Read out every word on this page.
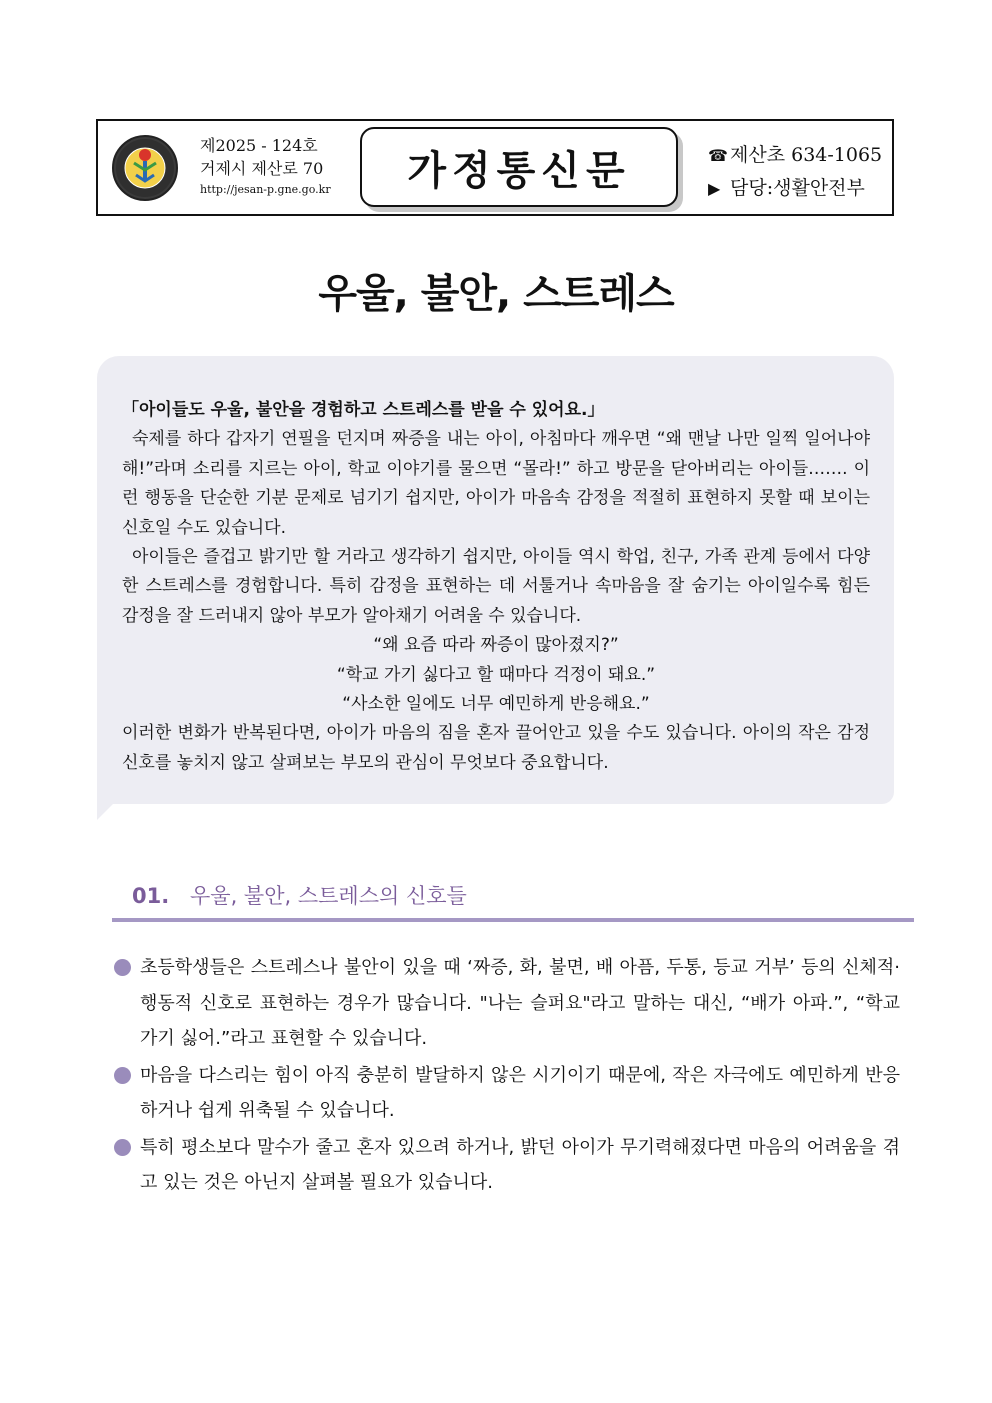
제2025 - 124호
거제시 제산로 70
http://jesan-p.gne.go.kr 가정통신문	☎ 제산초 634-1065
▶ 담당:생활안전부
우울, 불안, 스트레스

「아이들도 우울, 불안을 경험하고 스트레스를 받을 수 있어요.」

숙제를 하다 갑자기 연필을 던지며 짜증을 내는 아이, 아침마다 깨우면 “왜 맨날 나만 일찍 일어나야 해!”라며 소리를 지르는 아이, 학교 이야기를 물으면 “몰라!” 하고 방문을 닫아버리는 아이들……. 이런 행동을 단순한 기분 문제로 넘기기 쉽지만, 아이가 마음속 감정을 적절히 표현하지 못할 때 보이는 신호일 수도 있습니다.

아이들은 즐겁고 밝기만 할 거라고 생각하기 쉽지만, 아이들 역시 학업, 친구, 가족 관계 등에서 다양한 스트레스를 경험합니다. 특히 감정을 표현하는 데 서툴거나 속마음을 잘 숨기는 아이일수록 힘든 감정을 잘 드러내지 않아 부모가 알아채기 어려울 수 있습니다.

“왜 요즘 따라 짜증이 많아졌지?”

“학교 가기 싫다고 할 때마다 걱정이 돼요.”

“사소한 일에도 너무 예민하게 반응해요.”

이러한 변화가 반복된다면, 아이가 마음의 짐을 혼자 끌어안고 있을 수도 있습니다. 아이의 작은 감정 신호를 놓치지 않고 살펴보는 부모의 관심이 무엇보다 중요합니다.

01. 우울, 불안, 스트레스의 신호들
초등학생들은 스트레스나 불안이 있을 때 ‘짜증, 화, 불면, 배 아픔, 두통, 등교 거부’ 등의 신체적·행동적 신호로 표현하는 경우가 많습니다. "나는 슬퍼요"라고 말하는 대신, “배가 아파.”, “학교 가기 싫어.”라고 표현할 수 있습니다.
마음을 다스리는 힘이 아직 충분히 발달하지 않은 시기이기 때문에, 작은 자극에도 예민하게 반응하거나 쉽게 위축될 수 있습니다.
특히 평소보다 말수가 줄고 혼자 있으려 하거나, 밝던 아이가 무기력해졌다면 마음의 어려움을 겪고 있는 것은 아닌지 살펴볼 필요가 있습니다.
